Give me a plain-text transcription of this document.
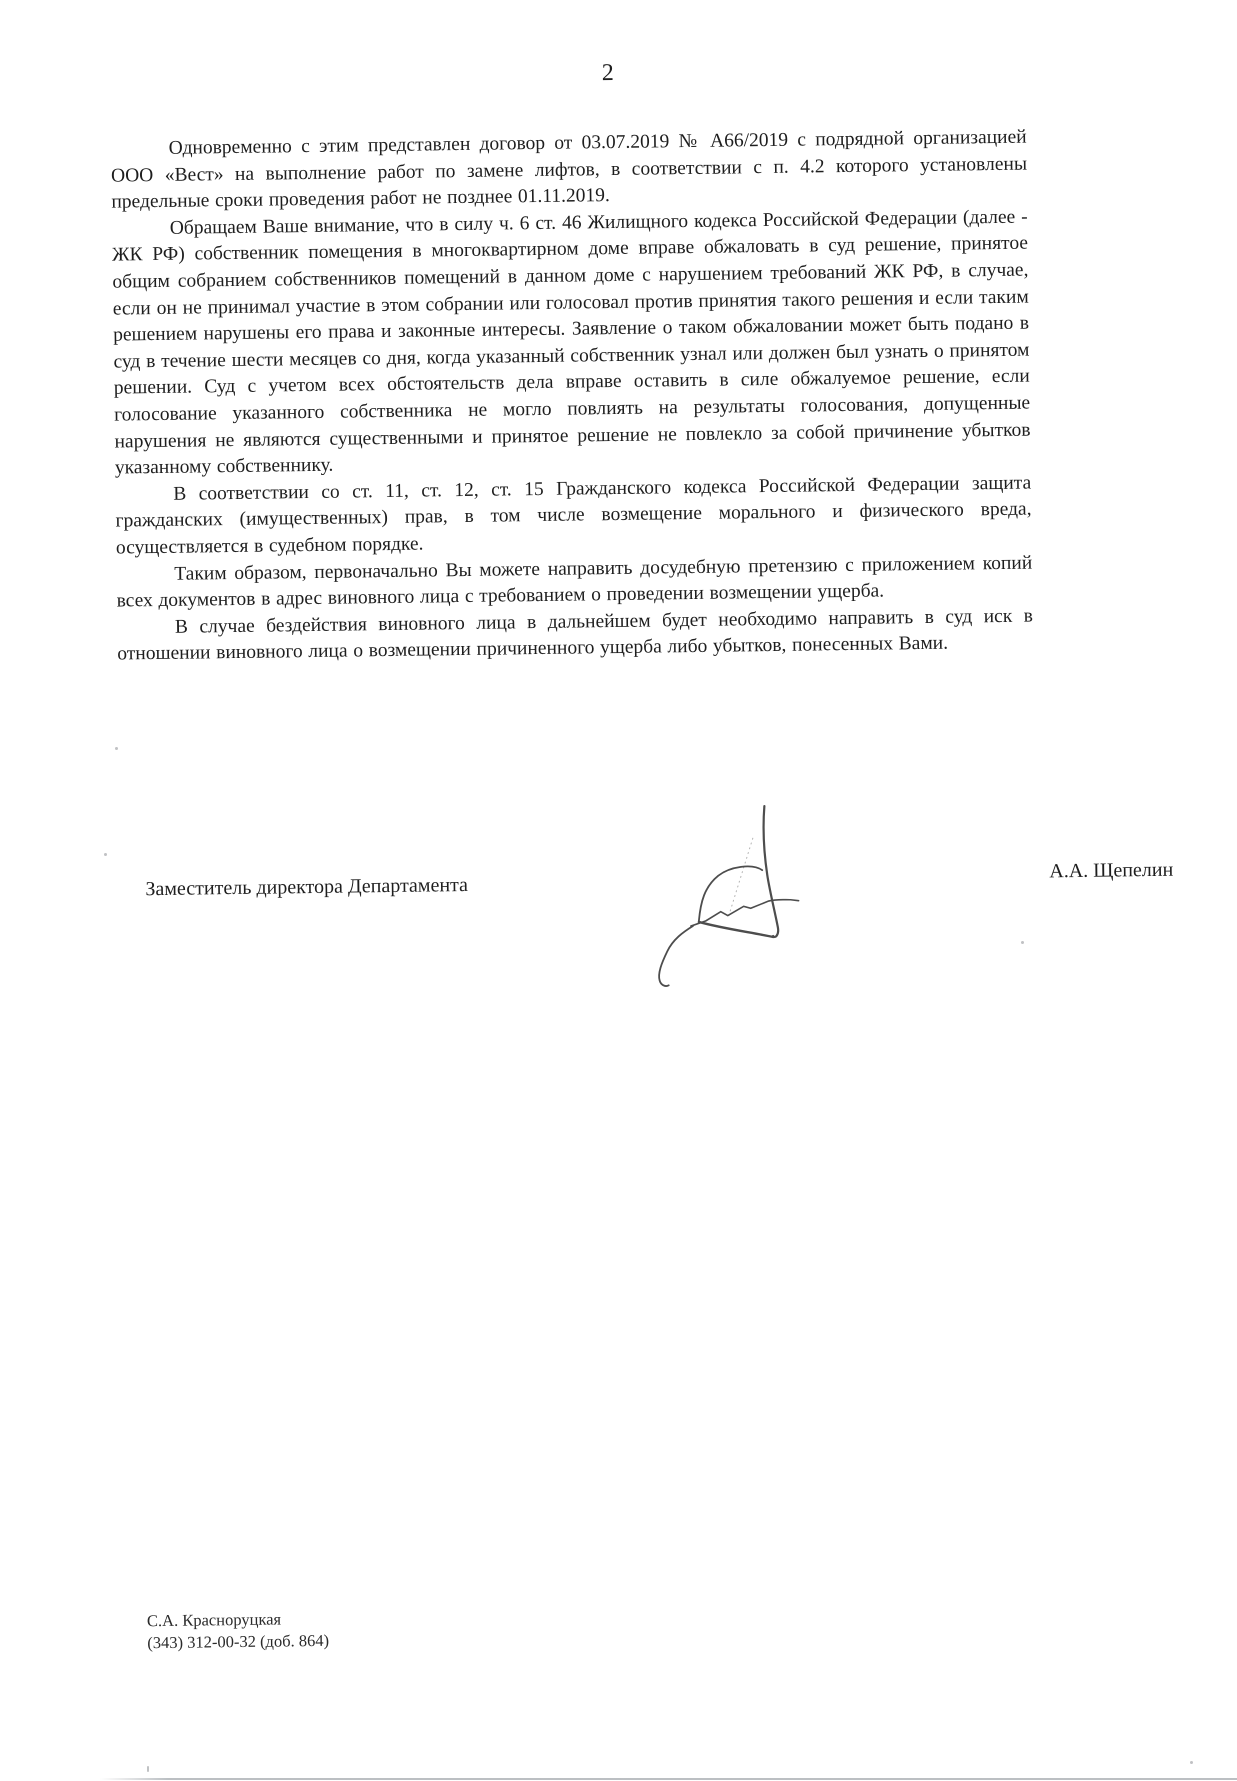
2

Одновременно с этим представлен договор от 03.07.2019 № А66/2019 с подрядной организацией ООО «Вест» на выполнение работ по замене лифтов, в соответствии с п. 4.2 которого установлены предельные сроки проведения работ не позднее 01.11.2019.

Обращаем Ваше внимание, что в силу ч. 6 ст. 46 Жилищного кодекса Российской Федерации (далее - ЖК РФ) собственник помещения в многоквартирном доме вправе обжаловать в суд решение, принятое общим собранием собственников помещений в данном доме с нарушением требований ЖК РФ, в случае, если он не принимал участие в этом собрании или голосовал против принятия такого решения и если таким решением нарушены его права и законные интересы. Заявление о таком обжаловании может быть подано в суд в течение шести месяцев со дня, когда указанный собственник узнал или должен был узнать о принятом решении. Суд с учетом всех обстоятельств дела вправе оставить в силе обжалуемое решение, если голосование указанного собственника не могло повлиять на результаты голосования, допущенные нарушения не являются существенными и принятое решение не повлекло за собой причинение убытков указанному собственнику.

В соответствии со ст. 11, ст. 12, ст. 15 Гражданского кодекса Российской Федерации защита гражданских (имущественных) прав, в том числе возмещение морального и физического вреда, осуществляется в судебном порядке.

Таким образом, первоначально Вы можете направить досудебную претензию с приложением копий всех документов в адрес виновного лица с требованием о проведении возмещении ущерба.

В случае бездействия виновного лица в дальнейшем будет необходимо направить в суд иск в отношении виновного лица о возмещении причиненного ущерба либо убытков, понесенных Вами.

Заместитель директора Департамента
А.А. Щепелин
С.А. Красноруцкая
(343) 312-00-32 (доб. 864)
